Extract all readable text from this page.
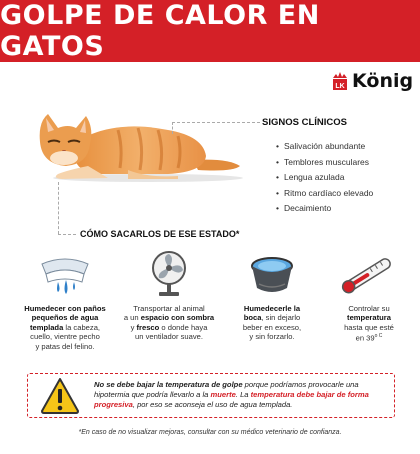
GOLPE DE CALOR EN GATOS
LK König
SIGNOS CLÍNICOS
• Salivación abundante
• Temblores musculares
• Lengua azulada
• Ritmo cardíaco elevado
• Decaimiento
CÓMO SACARLOS DE ESE ESTADO*
Humedecer con paños
pequeños de agua
templada la cabeza,
cuello, vientre pecho
y patas del felino.
Transportar al animal
a un espacio con sombra
y fresco o donde haya
un ventilador suave.
Humedecerle la
boca, sin dejarlo
beber en exceso,
y sin forzarlo.
Controlar su
temperatura
hasta que esté
en $39^{o C}$
No se debe bajar la temperatura de golpe porque podríamos provocarle una hipotermia que podría llevarlo a la muerte. La temperatura debe bajar de forma progresiva, por eso se aconseja el uso de agua templada.
*En caso de no visualizar mejoras, consultar con su médico veterinario de confianza.
